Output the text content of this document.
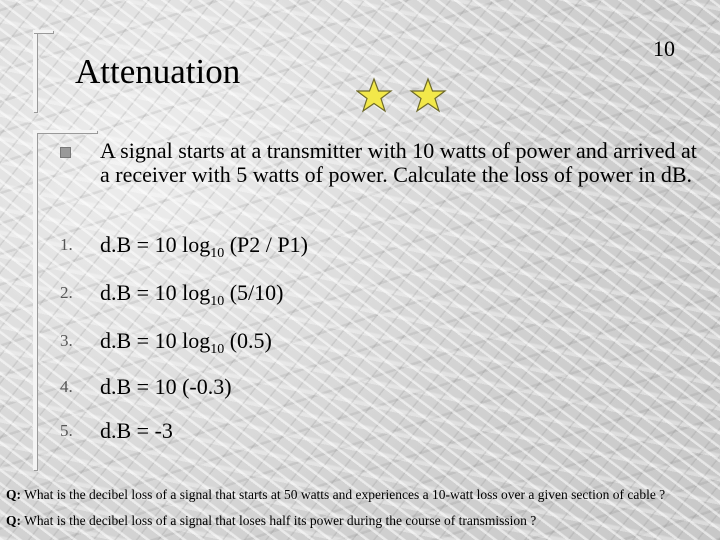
Attenuation
10
A signal starts at a transmitter with 10 watts of power and arrived at a receiver with 5 watts of power. Calculate the loss of power in dB.
1. d.B = 10 $\log_{10} (P2 / P1)$
2. d.B = 10 $\log_{10} (5/10)$
3. d.B = 10 $\log_{10} (0.5)$
4. d.B = 10 (-0.3)
5. d.B = -3
Q: What is the decibel loss of a signal that starts at 50 watts and experiences a 10-watt loss over a given section of cable ?
Q: What is the decibel loss of a signal that loses half its power during the course of transmission ?
